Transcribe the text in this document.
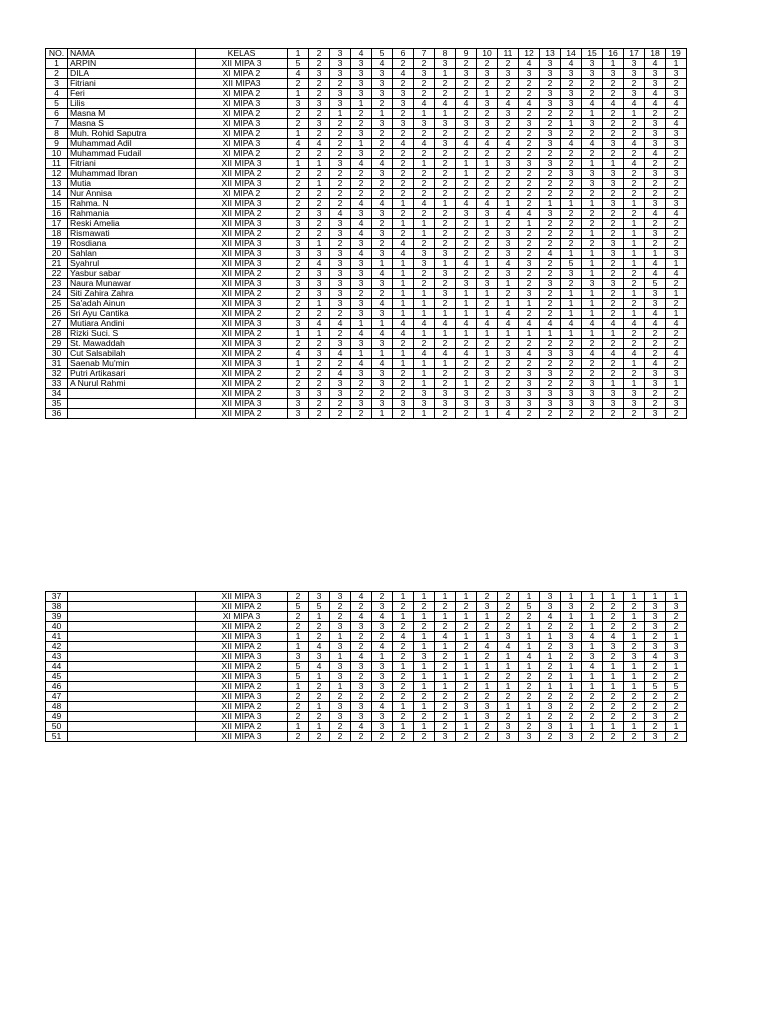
NO.	NAMA	KELAS	1	2	3	4	5	6	7	8	9	10	11	12	13	14	15	16	17	18	19
1	ARPIN	XII MIPA 3	5	2	3	3	4	2	2	3	2	2	2	4	3	4	3	1	3	4	1
2	DILA	XI MIPA 2	4	3	3	3	3	4	3	1	3	3	3	3	3	3	3	3	3	3	3
3	Fitriani	XII MIPA3	2	2	2	3	3	2	2	2	2	2	2	2	2	2	2	2	2	3	2
4	Feri	XI MIPA 2	1	2	3	3	3	3	2	2	2	1	2	2	3	3	2	2	3	4	3
5	Lilis	XI MIPA 3	3	3	3	1	2	3	4	4	4	3	4	4	3	3	4	4	4	4	4
6	Masna M	XI MIPA 2	2	2	1	2	1	2	1	1	2	2	3	2	2	2	1	2	1	2	2
7	Masna S	XI MIPA 3	2	3	2	2	3	3	3	3	3	3	2	3	2	1	3	2	2	3	4
8	Muh. Rohid Saputra	XI MIPA 2	1	2	2	3	2	2	2	2	2	2	2	2	3	2	2	2	2	3	3
9	Muhammad Adil	XI MIPA 3	4	4	2	1	2	4	4	3	4	4	4	2	3	4	4	3	4	3	3
10	Muhammad Fudail	XI MIPA 2	2	2	2	3	2	2	2	2	2	2	2	2	2	2	2	2	2	4	2
11	Fitriani	XII MIPA 3	1	1	3	4	4	2	1	2	1	1	3	3	3	2	1	1	4	2	2
12	Muhammad Ibran	XII MIPA 2	2	2	2	2	3	2	2	2	1	2	2	2	2	3	3	3	2	3	3
13	Mutia	XII MIPA 3	2	1	2	2	2	2	2	2	2	2	2	2	2	2	3	3	2	2	2
14	Nur Annisa	XI MIPA 2	2	2	2	2	2	2	2	2	2	2	2	2	2	2	2	2	2	2	2
15	Rahma. N	XII MIPA 3	2	2	2	4	4	1	4	1	4	4	1	2	1	1	1	3	1	3	3
16	Rahmania	XII MIPA 2	2	3	4	3	3	2	2	2	3	3	4	4	3	2	2	2	2	4	4
17	Reski Amelia	XII MIPA 3	3	2	3	4	2	1	1	2	2	1	2	1	2	2	2	2	1	2	2
18	Rismawati	XII MIPA 2	2	2	3	4	3	2	1	2	2	2	3	2	2	2	1	2	1	3	2
19	Rosdiana	XII MIPA 3	3	1	2	3	2	4	2	2	2	2	3	2	2	2	2	3	1	2	2
20	Sahlan	XII MIPA 3	3	3	3	4	3	4	3	3	2	2	3	2	4	1	1	3	1	1	3
21	Syahrul	XII MIPA 3	2	4	3	3	1	1	3	1	4	1	4	3	2	5	1	2	1	4	1
22	Yasbur sabar	XII MIPA 2	2	3	3	3	4	1	2	3	2	2	3	2	2	3	1	2	2	4	4
23	Naura Munawar	XII MIPA 3	3	3	3	3	3	1	2	2	3	3	1	2	3	2	3	3	2	5	2
24	Siti Zahira Zahra	XII MIPA 2	2	3	3	2	2	1	1	3	1	1	2	3	2	1	1	2	1	3	1
25	Sa'adah Ainun	XII MIPA 3	2	1	3	3	4	1	1	2	1	2	1	1	2	1	1	2	2	3	2
26	Sri Ayu Cantika	XII MIPA 2	2	2	2	3	3	1	1	1	1	1	4	2	2	1	1	2	1	4	1
27	Mutiara Andini	XII MIPA 3	3	4	4	1	1	4	4	4	4	4	4	4	4	4	4	4	4	4	4
28	Rizki Suci. S	XII MIPA 2	1	1	2	4	4	4	1	1	1	1	1	1	1	1	1	1	2	2	2
29	St. Mawaddah	XII MIPA 3	2	2	3	3	3	2	2	2	2	2	2	2	2	2	2	2	2	2	2
30	Cut Salsabilah	XII MIPA 2	4	3	4	1	1	1	4	4	4	1	3	4	3	3	4	4	4	2	4
31	Saenab Mu'min	XII MIPA 3	1	2	2	4	4	1	1	1	2	2	2	2	2	2	2	2	1	4	2
32	Putri Artikasari	XII MIPA 2	2	2	4	3	3	2	1	2	2	3	2	3	3	2	2	2	2	3	3
33	A Nurul Rahmi	XII MIPA 2	2	2	3	2	3	2	1	2	1	2	2	3	2	2	3	1	1	3	1
34		XII MIPA 2	3	3	3	2	2	2	3	3	3	2	3	3	3	3	3	3	3	2	2
35		XII MIPA 3	3	2	2	3	3	3	3	3	3	3	3	3	3	3	3	3	3	2	3
36		XII MIPA 2	3	2	2	2	1	2	1	2	2	1	4	2	2	2	2	2	2	3	2
37		XII MIPA 3	2	3	3	4	2	1	1	1	1	2	2	1	3	1	1	1	1	1	1
38		XII MIPA 2	5	5	2	2	3	2	2	2	2	3	2	5	3	3	2	2	2	3	3
39		XI MIPA 3	2	1	2	4	4	1	1	1	1	1	2	2	4	1	1	2	1	3	2
40		XII MIPA 2	2	2	3	3	3	2	2	2	2	2	2	1	2	2	1	2	2	3	2
41		XII MIPA 3	1	2	1	2	2	4	1	4	1	1	3	1	1	3	4	4	1	2	1
42		XII MIPA 2	1	4	3	2	4	2	1	1	2	4	4	1	2	3	1	3	2	3	3
43		XII MIPA 3	3	3	1	4	1	2	3	2	1	2	1	4	1	2	3	2	3	4	3
44		XII MIPA 2	5	4	3	3	3	1	1	2	1	1	1	1	2	1	4	1	1	2	1
45		XII MIPA 3	5	1	3	2	3	2	1	1	1	2	2	2	2	1	1	1	1	2	2
46		XII MIPA 2	1	2	1	3	3	2	1	1	2	1	1	2	1	1	1	1	1	5	5
47		XII MIPA 3	2	2	2	2	2	2	2	2	2	2	2	2	2	2	2	2	2	2	2
48		XII MIPA 2	2	1	3	3	4	1	1	2	3	3	1	1	3	2	2	2	2	2	2
49		XII MIPA 3	2	2	3	3	3	2	2	2	1	3	2	1	2	2	2	2	2	3	2
50		XII MIPA 2	1	1	2	4	3	1	1	2	1	2	3	2	3	1	1	1	1	2	1
51		XII MIPA 3	2	2	2	2	2	2	2	3	2	2	3	3	2	3	2	2	2	3	2
